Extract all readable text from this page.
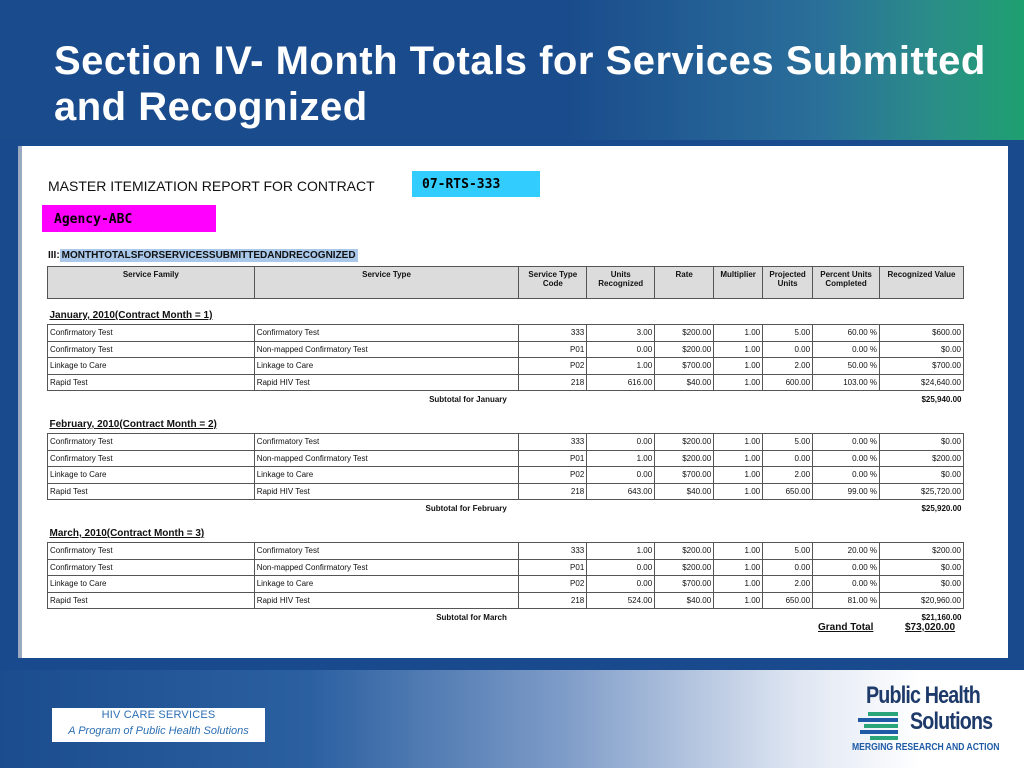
Section IV- Month Totals for Services Submitted and Recognized
MASTER ITEMIZATION REPORT FOR CONTRACT	07-RTS-333
Agency-ABC
III: MONTHTOTALSFORSERVICESSUBMITTEDANDRECOGNIZED
Service Family	Service Type	Service Type Code	Units Recognized	Rate	Multiplier	Projected Units	Percent Units Completed	Recognized Value

January, 2010(Contract Month = 1)								
Confirmatory Test	Confirmatory Test	333	3.00	$200.00	1.00	5.00	60.00 %	$600.00
Confirmatory Test	Non-mapped Confirmatory Test	P01	0.00	$200.00	1.00	0.00	0.00 %	$0.00
Linkage to Care	Linkage to Care	P02	1.00	$700.00	1.00	2.00	50.00 %	$700.00
Rapid Test	Rapid HIV Test	218	616.00	$40.00	1.00	600.00	103.00 %	$24,640.00
Subtotal for January								$25,940.00

February, 2010(Contract Month = 2)								
Confirmatory Test	Confirmatory Test	333	0.00	$200.00	1.00	5.00	0.00 %	$0.00
Confirmatory Test	Non-mapped Confirmatory Test	P01	1.00	$200.00	1.00	0.00	0.00 %	$200.00
Linkage to Care	Linkage to Care	P02	0.00	$700.00	1.00	2.00	0.00 %	$0.00
Rapid Test	Rapid HIV Test	218	643.00	$40.00	1.00	650.00	99.00 %	$25,720.00
Subtotal for February								$25,920.00

March, 2010(Contract Month = 3)								
Confirmatory Test	Confirmatory Test	333	1.00	$200.00	1.00	5.00	20.00 %	$200.00
Confirmatory Test	Non-mapped Confirmatory Test	P01	0.00	$200.00	1.00	0.00	0.00 %	$0.00
Linkage to Care	Linkage to Care	P02	0.00	$700.00	1.00	2.00	0.00 %	$0.00
Rapid Test	Rapid HIV Test	218	524.00	$40.00	1.00	650.00	81.00 %	$20,960.00
Subtotal for March								$21,160.00
Grand Total	$73,020.00
HIV CARE SERVICES
A Program of Public Health Solutions
Public Health
Solutions
MERGING RESEARCH AND ACTION
